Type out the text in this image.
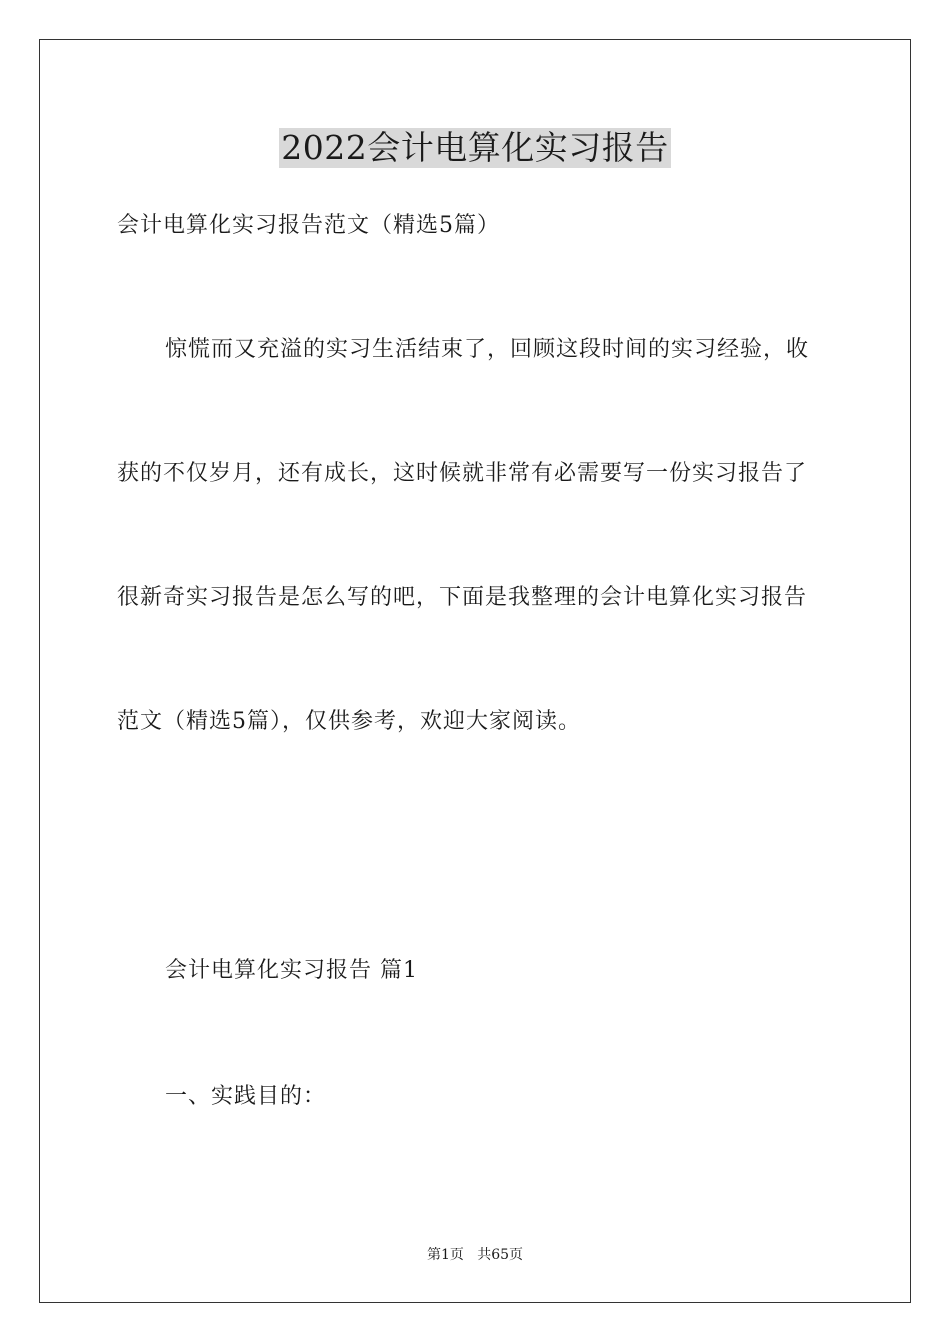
2022会计电算化实习报告
会计电算化实习报告范文（精选5篇）
惊慌而又充溢的实习生活结束了，回顾这段时间的实习经验，收
获的不仅岁月，还有成长，这时候就非常有必需要写一份实习报告了
很新奇实习报告是怎么写的吧，下面是我整理的会计电算化实习报告
范文（精选5篇），仅供参考，欢迎大家阅读。
会计电算化实习报告 篇1
一、实践目的：
第1页   共65页
